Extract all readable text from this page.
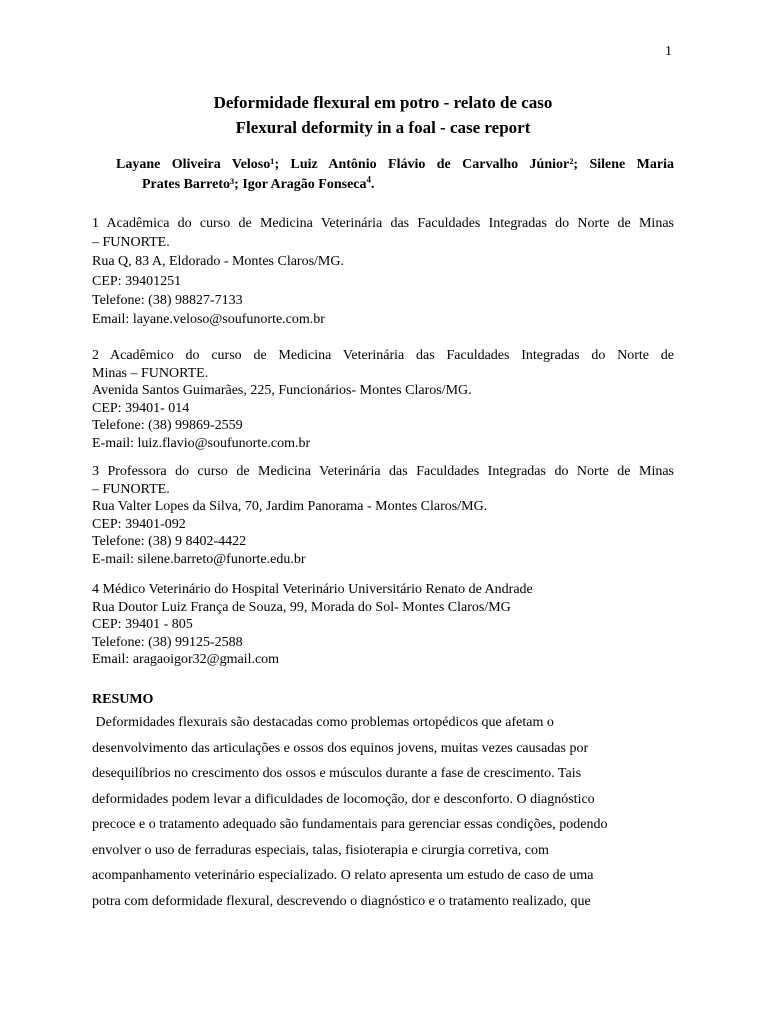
1
Deformidade flexural em potro - relato de caso
Flexural deformity in a foal - case report

Layane Oliveira Veloso¹; Luiz Antônio Flávio de Carvalho Júnior²; Silene Maria

Prates Barreto³; Igor Aragão Fonseca$^4$.

1 Acadêmica do curso de Medicina Veterinária das Faculdades Integradas do Norte de Minas

– FUNORTE.

Rua Q, 83 A, Eldorado - Montes Claros/MG.

CEP: 39401251

Telefone: (38) 98827-7133

Email: layane.veloso@soufunorte.com.br

2 Acadêmico do curso de Medicina Veterinária das Faculdades Integradas do Norte de

Minas – FUNORTE.

Avenida Santos Guimarães, 225, Funcionários- Montes Claros/MG.

CEP: 39401- 014

Telefone: (38) 99869-2559

E-mail: luiz.flavio@soufunorte.com.br

3 Professora do curso de Medicina Veterinária das Faculdades Integradas do Norte de Minas

– FUNORTE.

Rua Valter Lopes da Silva, 70, Jardim Panorama - Montes Claros/MG.

CEP: 39401-092

Telefone: (38) 9 8402-4422

E-mail: silene.barreto@funorte.edu.br

4 Médico Veterinário do Hospital Veterinário Universitário Renato de Andrade

Rua Doutor Luiz França de Souza, 99, Morada do Sol- Montes Claros/MG

CEP: 39401 - 805

Telefone: (38) 99125-2588

Email: aragaoigor32@gmail.com

RESUMO

Deformidades flexurais são destacadas como problemas ortopédicos que afetam o

desenvolvimento das articulações e ossos dos equinos jovens, muitas vezes causadas por

desequilíbrios no crescimento dos ossos e músculos durante a fase de crescimento. Tais

deformidades podem levar a dificuldades de locomoção, dor e desconforto. O diagnóstico

precoce e o tratamento adequado são fundamentais para gerenciar essas condições, podendo

envolver o uso de ferraduras especiais, talas, fisioterapia e cirurgia corretiva, com

acompanhamento veterinário especializado. O relato apresenta um estudo de caso de uma

potra com deformidade flexural, descrevendo o diagnóstico e o tratamento realizado, que
